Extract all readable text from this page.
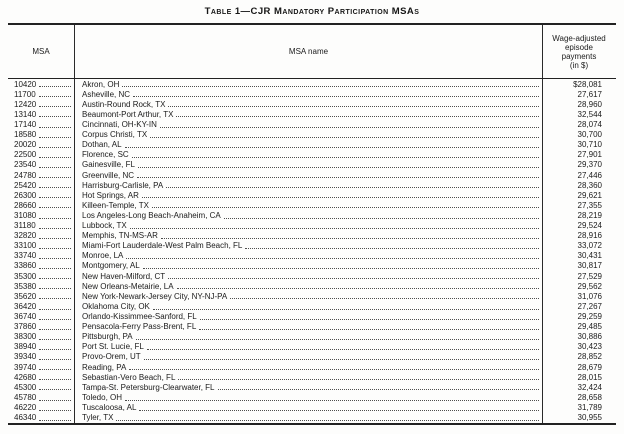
Table 1—CJR Mandatory Participation MSAs
MSA	MSA name
Wage-adjusted
episode
payments
(in $)
10420	Akron, OH	$28,081
11700	Asheville, NC	27,617
12420	Austin-Round Rock, TX	28,960
13140	Beaumont-Port Arthur, TX	32,544
17140	Cincinnati, OH-KY-IN	28,074
18580	Corpus Christi, TX	30,700
20020	Dothan, AL	30,710
22500	Florence, SC	27,901
23540	Gainesville, FL	29,370
24780	Greenville, NC	27,446
25420	Harrisburg-Carlisle, PA	28,360
26300	Hot Springs, AR	29,621
28660	Killeen-Temple, TX	27,355
31080	Los Angeles-Long Beach-Anaheim, CA	28,219
31180	Lubbock, TX	29,524
32820	Memphis, TN-MS-AR	28,916
33100	Miami-Fort Lauderdale-West Palm Beach, FL	33,072
33740	Monroe, LA	30,431
33860	Montgomery, AL	30,817
35300	New Haven-Milford, CT	27,529
35380	New Orleans-Metairie, LA	29,562
35620	New York-Newark-Jersey City, NY-NJ-PA	31,076
36420	Oklahoma City, OK	27,267
36740	Orlando-Kissimmee-Sanford, FL	29,259
37860	Pensacola-Ferry Pass-Brent, FL	29,485
38300	Pittsburgh, PA	30,886
38940	Port St. Lucie, FL	30,423
39340	Provo-Orem, UT	28,852
39740	Reading, PA	28,679
42680	Sebastian-Vero Beach, FL	28,015
45300	Tampa-St. Petersburg-Clearwater, FL	32,424
45780	Toledo, OH	28,658
46220	Tuscaloosa, AL	31,789
46340	Tyler, TX	30,955
